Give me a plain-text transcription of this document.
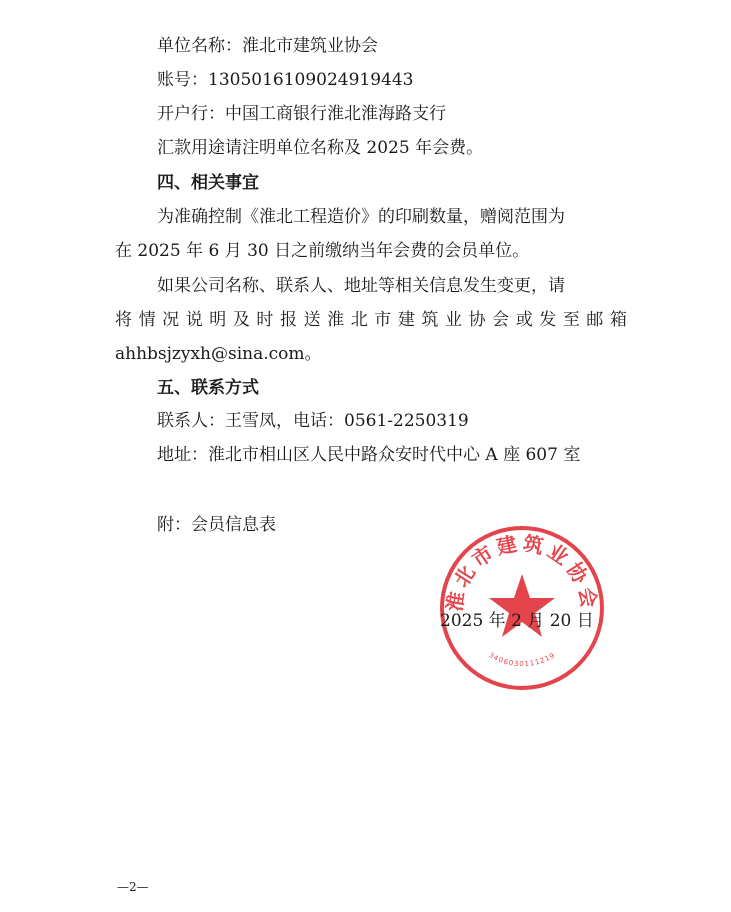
单位名称：淮北市建筑业协会
账号：1305016109024919443
开户行：中国工商银行淮北淮海路支行
汇款用途请注明单位名称及 2025 年会费。
四、相关事宜
为准确控制《淮北工程造价》的印刷数量，赠阅范围为
在 2025 年 6 月 30 日之前缴纳当年会费的会员单位。
如果公司名称、联系人、地址等相关信息发生变更，请
将情况说明及时报送淮北市建筑业协会或发至邮箱
ahhbsjzyxh@sina.com。
五、联系方式
联系人：王雪凤，电话：0561-2250319
地址：淮北市相山区人民中路众安时代中心 A 座 607 室
附：会员信息表
淮北市建筑业协会
3406030111219
2025 年 2 月 20 日
—2—
